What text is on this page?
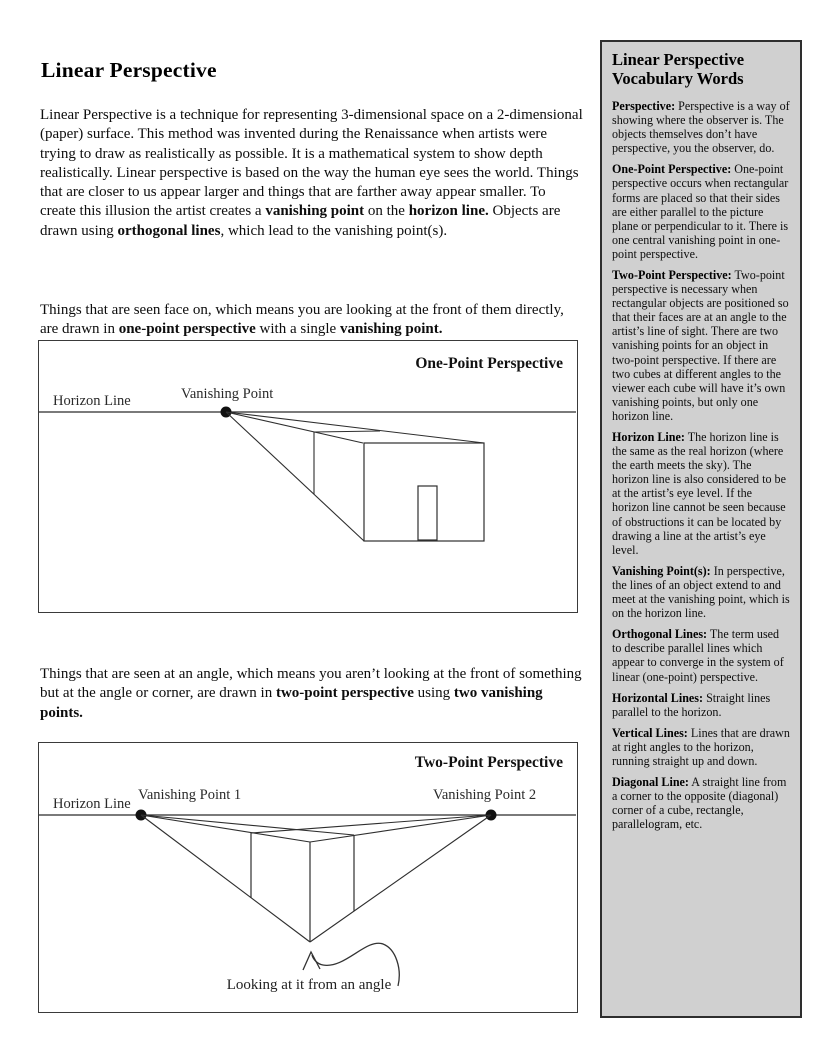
Linear Perspective

Linear Perspective is a technique for representing 3-dimensional space on a 2-dimensional (paper) surface. This method was invented during the Renaissance when artists were trying to draw as realistically as possible. It is a mathematical system to show depth realistically. Linear perspective is based on the way the human eye sees the world. Things that are closer to us appear larger and things that are farther away appear smaller. To create this illusion the artist creates a vanishing point on the horizon line. Objects are drawn using orthogonal lines, which lead to the vanishing point(s).

Things that are seen face on, which means you are looking at the front of them directly, are drawn in one-point perspective with a single vanishing point.

Things that are seen at an angle, which means you aren’t looking at the front of something but at the angle or corner, are drawn in two-point perspective using two vanishing points.

One-Point Perspective
Horizon Line	Vanishing Point
Two-Point Perspective
Horizon Line
Vanishing Point 1	Vanishing Point 2
Looking at it from an angle
Linear Perspective Vocabulary Words

Perspective: Perspective is a way of showing where the observer is. The objects themselves don’t have perspective, you the observer, do.

One-Point Perspective: One-point perspective occurs when rectangular forms are placed so that their sides are either parallel to the picture plane or perpendicular to it. There is one central vanishing point in one-point perspective.

Two-Point Perspective: Two-point perspective is necessary when rectangular objects are positioned so that their faces are at an angle to the artist’s line of sight. There are two vanishing points for an object in two-point perspective. If there are two cubes at different angles to the viewer each cube will have it’s own vanishing points, but only one horizon line.

Horizon Line: The horizon line is the same as the real horizon (where the earth meets the sky). The horizon line is also considered to be at the artist’s eye level. If the horizon line cannot be seen because of obstructions it can be located by drawing a line at the artist’s eye level.

Vanishing Point(s): In perspective, the lines of an object extend to and meet at the vanishing point, which is on the horizon line.

Orthogonal Lines: The term used to describe parallel lines which appear to converge in the system of linear (one-point) perspective.

Horizontal Lines: Straight lines parallel to the horizon.

Vertical Lines: Lines that are drawn at right angles to the horizon, running straight up and down.

Diagonal Line: A straight line from a corner to the opposite (diagonal) corner of a cube, rectangle, parallelogram, etc.
